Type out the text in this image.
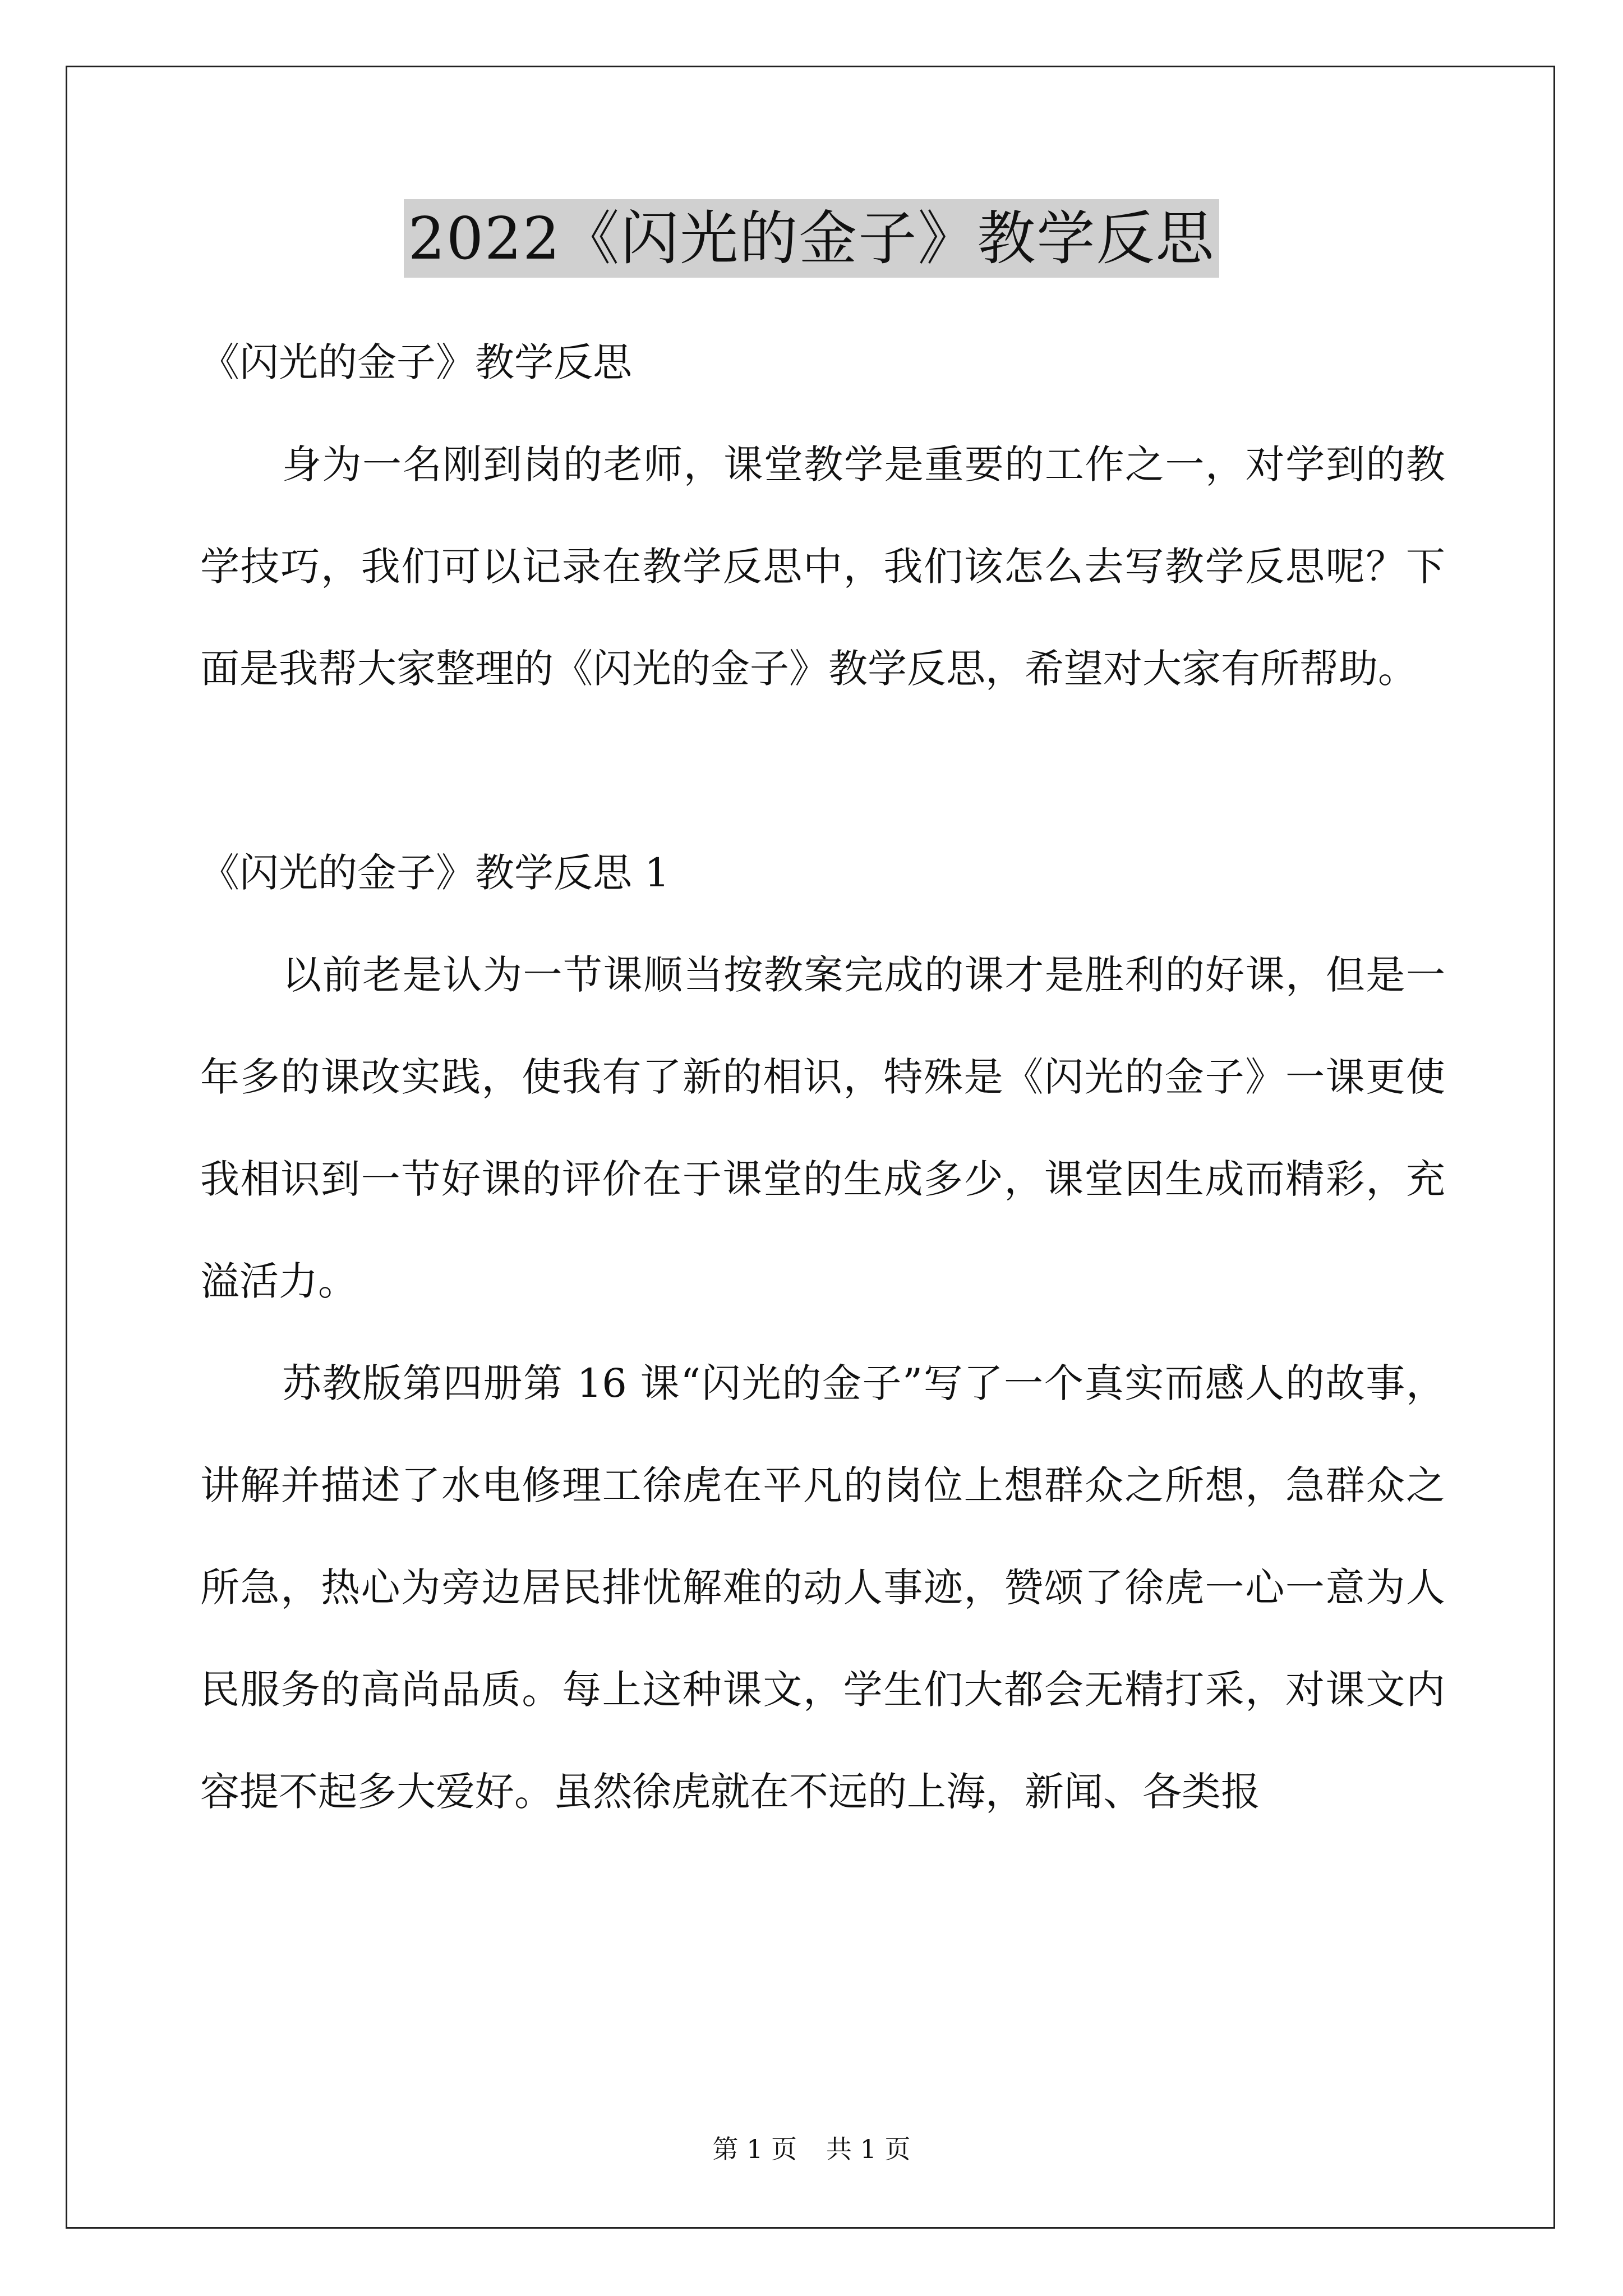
2022《闪光的金子》教学反思

《闪光的金子》教学反思

身为一名刚到岗的老师，课堂教学是重要的工作之一，对学到的教学技巧，我们可以记录在教学反思中，我们该怎么去写教学反思呢？下面是我帮大家整理的《闪光的金子》教学反思，希望对大家有所帮助。

《闪光的金子》教学反思 1

以前老是认为一节课顺当按教案完成的课才是胜利的好课，但是一年多的课改实践，使我有了新的相识，特殊是《闪光的金子》一课更使我相识到一节好课的评价在于课堂的生成多少，课堂因生成而精彩，充溢活力。

苏教版第四册第 16 课“闪光的金子”写了一个真实而感人的故事，讲解并描述了水电修理工徐虎在平凡的岗位上想群众之所想，急群众之所急，热心为旁边居民排忧解难的动人事迹，赞颂了徐虎一心一意为人民服务的高尚品质。每上这种课文，学生们大都会无精打采，对课文内容提不起多大爱好。虽然徐虎就在不远的上海，新闻、各类报

第 1 页 共 1 页
